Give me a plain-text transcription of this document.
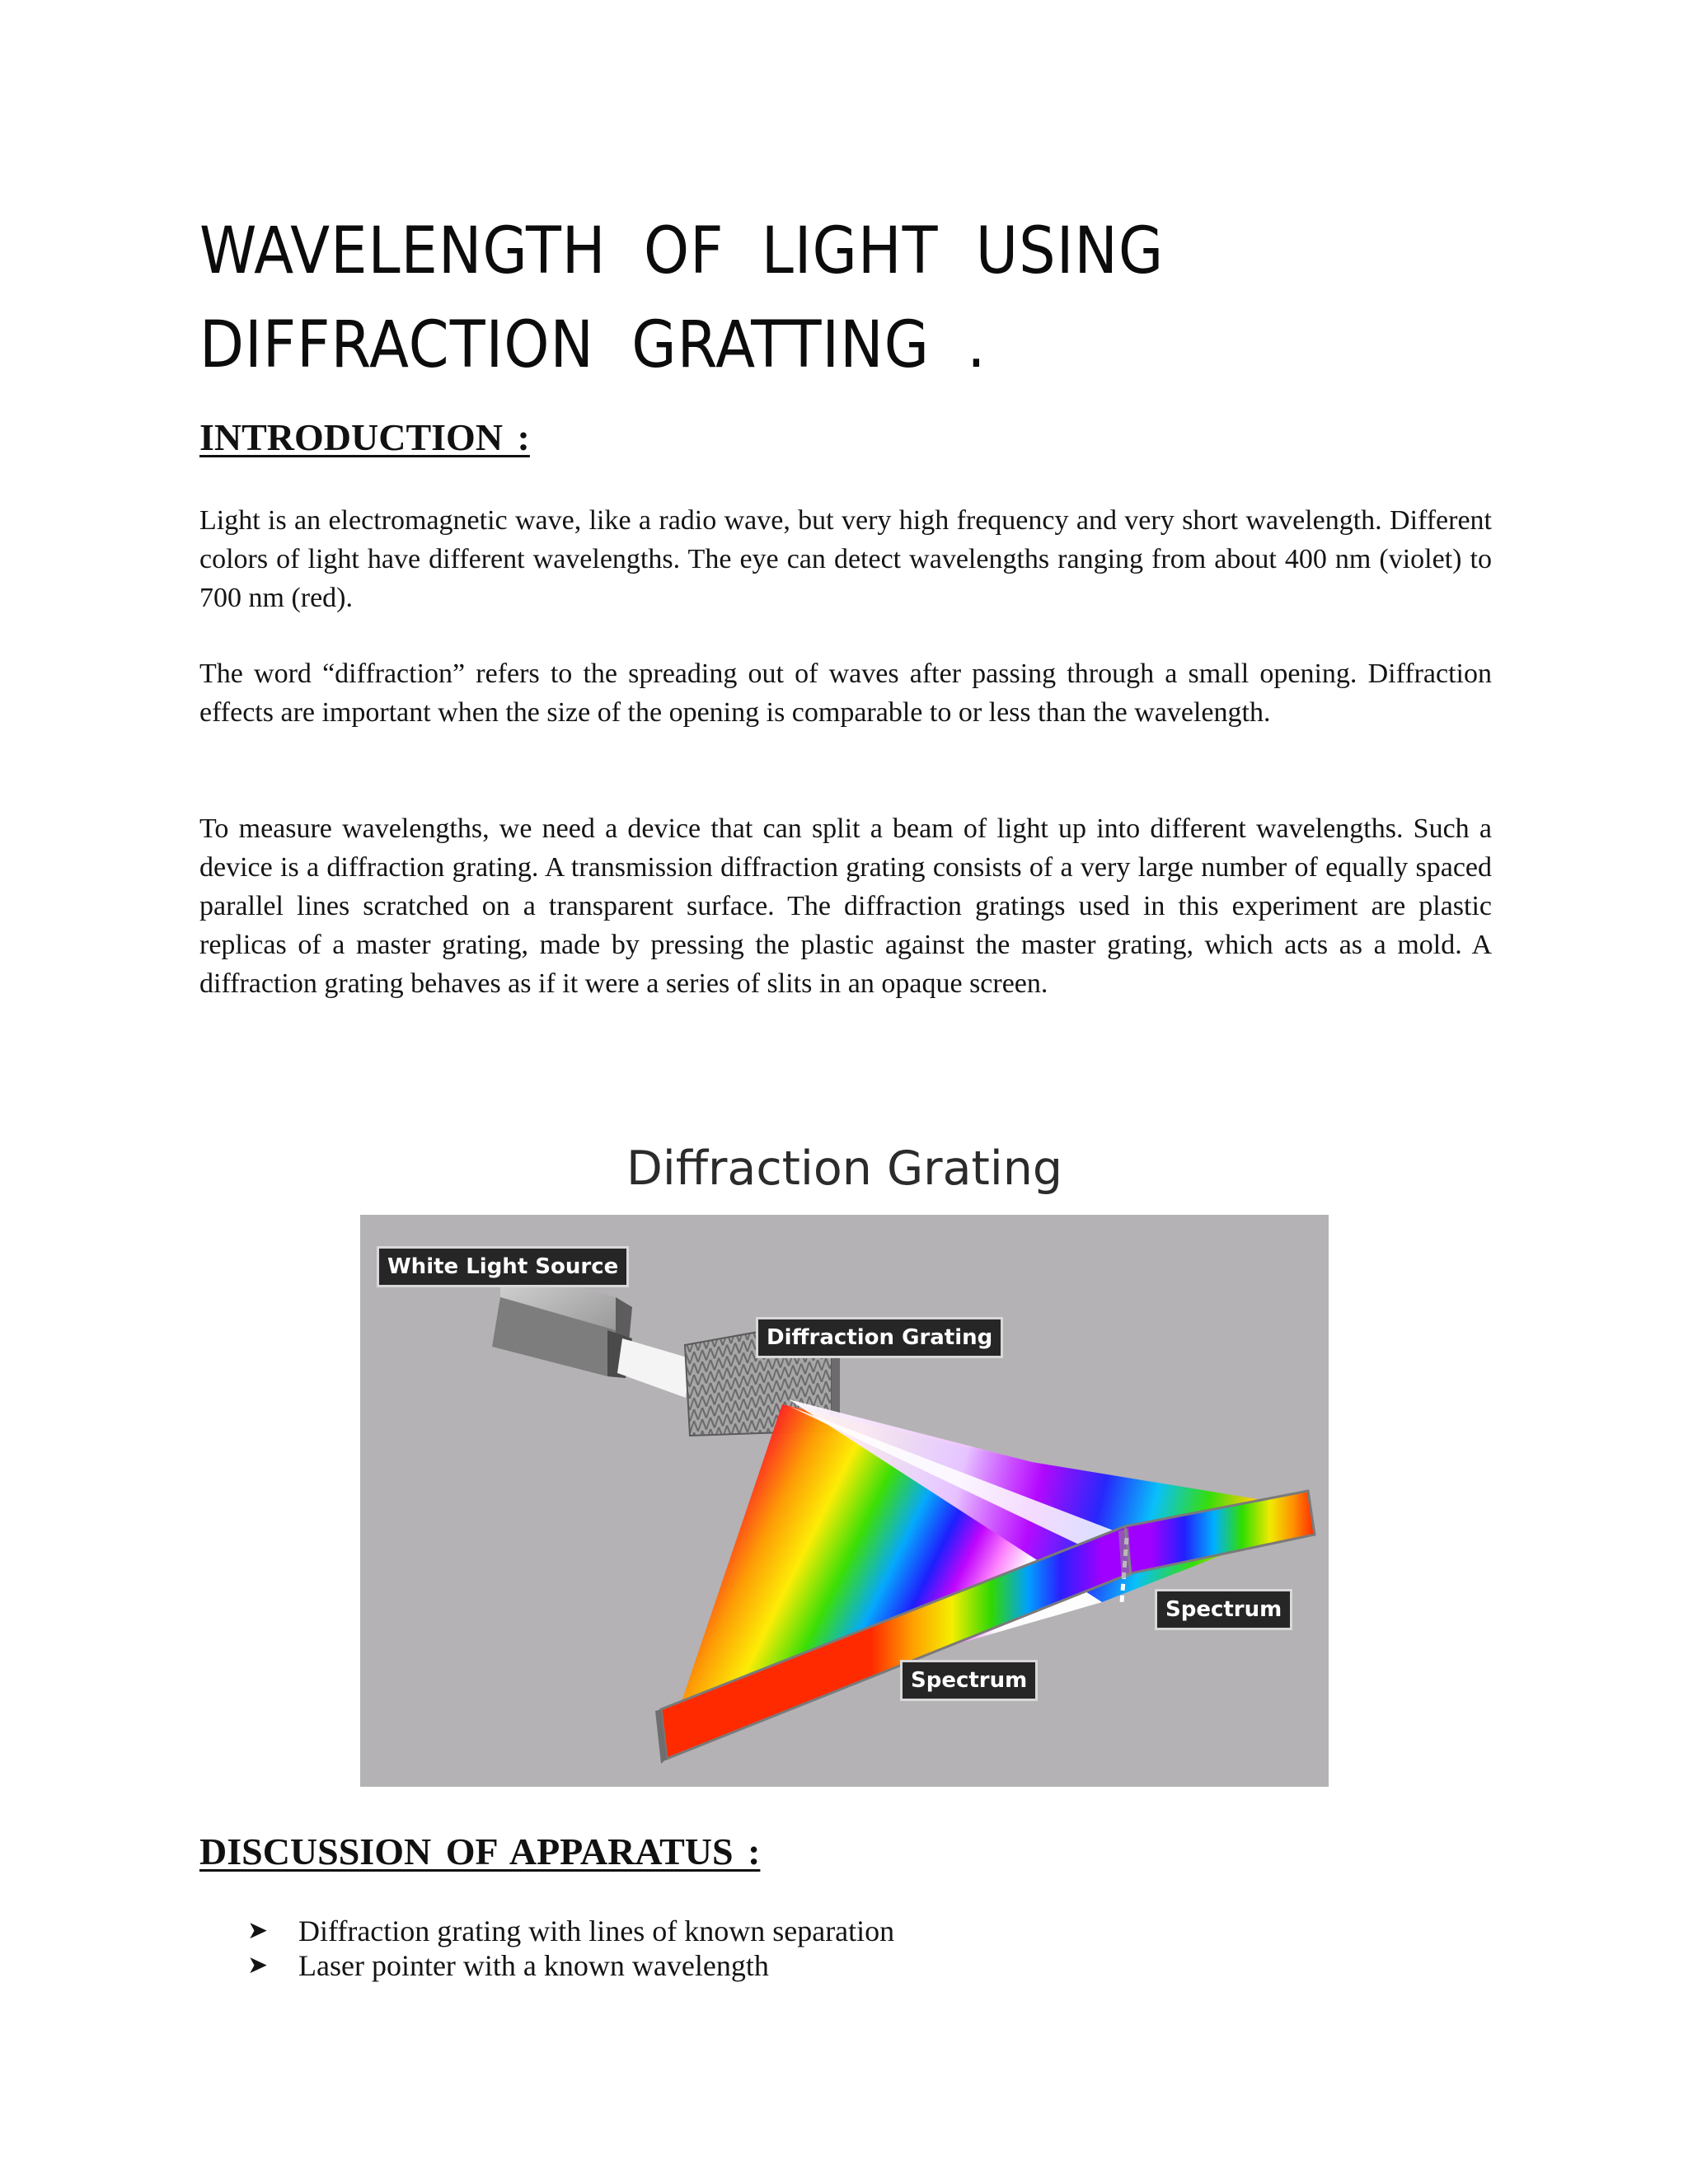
WAVELENGTH OF LIGHT USING
DIFFRACTION GRATTING .
INTRODUCTION :

Light is an electromagnetic wave, like a radio wave, but very high frequency and very short wavelength. Different colors of light have different wavelengths. The eye can detect wavelengths ranging from about 400 nm (violet) to 700 nm (red).

The word “diffraction” refers to the spreading out of waves after passing through a small opening. Diffraction effects are important when the size of the opening is comparable to or less than the wavelength.

To measure wavelengths, we need a device that can split a beam of light up into different wavelengths. Such a device is a diffraction grating. A transmission diffraction grating consists of a very large number of equally spaced parallel lines scratched on a transparent surface. The diffraction gratings used in this experiment are plastic replicas of a master grating, made by pressing the plastic against the master grating, which acts as a mold. A diffraction grating behaves as if it were a series of slits in an opaque screen.

Diffraction Grating
White Light Source
Diffraction Grating
Spectrum
Spectrum
DISCUSSION OF APPARATUS :
➤ Diffraction grating with lines of known separation
➤ Laser pointer with a known wavelength
